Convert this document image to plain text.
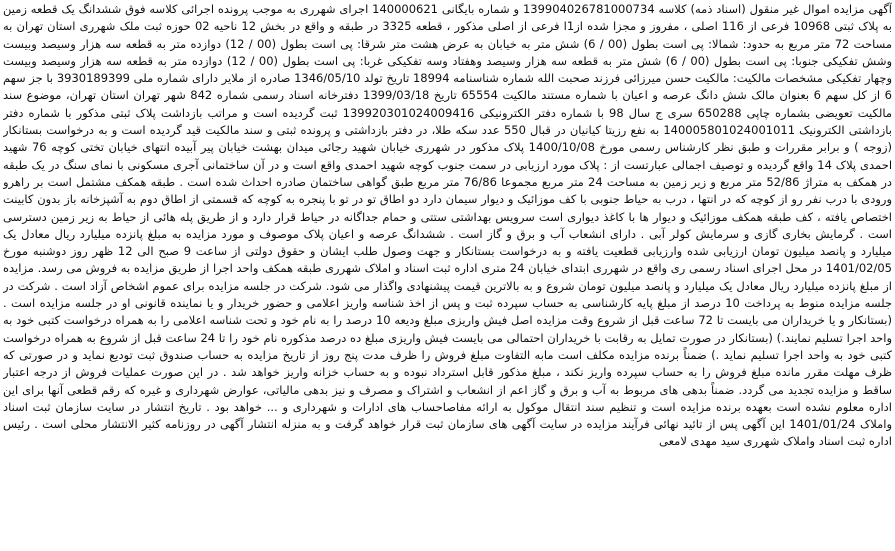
آگهی مزایده اموال غیر منقول (اسناد ذمه) کلاسه 139904026781000734 و شماره بایگانی 140000621 اجرای شهرری به موجب پرونده اجرائی کلاسه فوق ششدانگ یک قطعه زمین به پلاک ثبتی 10968 فرعی از 116 اصلی ، مفروز و مجزا شده از1ا فرعی از اصلی مذکور ، قطعه 3325 در طبقه و واقع در بخش 12 ناحیه 02 حوزه ثبت ملک شهرری استان تهران به مساحت 72 متر مربع به حدود: شمالا: پی است بطول (00 / 6) شش متر به خیابان به عرض هشت متر شرقا: پی است بطول (00 / 12) دوازده متر به قطعه سه هزار وسیصد وبیست وشش تفکیکی جنوبا: پی است بطول (00 / 6) شش متر به قطعه سه هزار وسیصد وهفتاد وسه تفکیکی غربا: پی است بطول (00 / 12) دوازده متر به قطعه سه هزار وسیصد وبیست وچهار تفکیکی مشخصات مالکیت: مالکیت حسن میرزائی فرزند صحبت الله شماره شناسنامه 18994 تاریخ تولد 1346/05/10 صادره از ملایر دارای شماره ملی 3930189399 با جز سهم 6 از کل سهم 6 بعنوان مالک شش دانگ عرصه و اعیان با شماره مستند مالکیت 65554 تاریخ 1399/03/18 دفترخانه اسناد رسمی شماره 842 شهر تهران استان تهران، موضوع سند مالکیت تعویضی بشماره چاپی 650288 سری ج سال 98 با شماره دفتر الکترونیکی 139920301024009416 ثبت گردیده است و مراتب بازداشت پلاک ثبتی مذکور با شماره دفتر بازداشتی الکترونیک 140005801024001011 به نفع رزیتا کیانیان در قبال 550 عدد سکه طلا، در دفتر بازداشتی و پرونده ثبتی و سند مالکیت قید گردیده است و به درخواست بستانکار (زوجه ) و برابر مقررات و طبق نظر کارشناس رسمی مورخ 1400/10/08 پلاک مذکور در شهرری خیابان شهید رجائی میدان بهشت خیابان پیر آبیده انتهای خیابان تختی کوچه 76 شهید احمدی پلاک 14 واقع گردیده و توصیف اجمالی عبارتست از : پلاک مورد ارزیابی در سمت جنوب کوچه شهید احمدی واقع است و در آن ساختمانی آجری مسکونی با نمای سنگ در یک طبقه در همکف به متراژ 52/86 متر مربع و زیر زمین به مساحت 24 متر مربع مجموعا 76/86 متر مربع طبق گواهی ساختمان صادره احداث شده است . طبقه همکف مشتمل است بر راهرو ورودی با درب نفر رو از کوچه که در انتها ، درب به حیاط جنوبی با کف موزائیک و دیوار سیمان دارد دو اطاق تو در تو با پنجره به کوچه که قسمتی از اطاق دوم به آشپزخانه باز بدون کابینت اختصاص یافته ، کف طبقه همکف موزائیک و دیوار ها با کاغذ دیواری است سرویس بهداشتی ستتی و حمام جداگانه در حیاط قرار دارد و از طریق پله هائی از حیاط به زیر زمین دسترسی است . گرمایش بخاری گازی و سرمایش کولر آبی . دارای انشعاب آب و برق و گاز است . ششدانگ عرصه و اعیان پلاک موصوف و مورد مزایده به مبلغ پانزده میلیارد ریال معادل یک میلیارد و پانصد میلیون تومان ارزیابی شده وارزیابی قطعیت یافته و به درخواست بستانکار و جهت وصول طلب ایشان و حقوق دولتی از ساعت 9 صبح الی 12 ظهر روز دوشنبه مورخ 1401/02/05 در محل اجرای اسناد رسمی ری واقع در شهرری ابتدای خیابان 24 متری اداره ثبت اسناد و املاک شهرری طبقه همکف واحد اجرا از طریق مزایده به فروش می رسد. مزایده از مبلغ پانزده میلیارد ریال معادل یک میلیارد و پانصد میلیون تومان شروع و به بالاترین قیمت پیشنهادی واگذار می شود. شرکت در جلسه مزایده برای عموم اشخاص آزاد است . شرکت در جلسه مزایده منوط به پرداخت 10 درصد از مبلغ پایه کارشناسی به حساب سپرده ثبت و پس از اخذ شناسه واریز اعلامی و حضور خریدار و یا نماینده قانونی او در جلسه مزایده است . (بستانکار و یا خریداران می بایست تا 72 ساعت قبل از شروع وقت مزایده اصل فیش واریزی مبلغ ودیعه 10 درصد را به نام خود و تحت شناسه اعلامی را به همراه درخواست کتبی خود به واحد اجرا تسلیم نمایند.) (بستانکار در صورت تمایل به رقابت با خریداران احتمالی می بایست فیش واریزی مبلغ ده درصد مذکوره نام خود را تا 24 ساعت قبل از شروع به همراه درخواست کتبی خود به واحد اجرا تسلیم نماید .) ضمناً برنده مزایده مکلف است مابه التفاوت مبلغ فروش را ظرف مدت پنج روز از تاریخ مزایده به حساب صندوق ثبت تودیع نماید و در صورتی که ظرف مهلت مقرر مانده مبلغ فروش را به حساب سپرده واریز نکند ، مبلغ مذکور قابل استرداد نبوده و به حساب خزانه واریز خواهد شد . در این صورت عملیات فروش از درجه اعتبار ساقط و مزایده تجدید می گردد. ضمناً بدهی های مربوط به آب و برق و گاز اعم از انشعاب و اشتراک و مصرف و نیز بدهی مالیاتی، عوارض شهرداری و غیره که رقم قطعی آنها برای این اداره معلوم نشده است بعهده برنده مزایده است و تنظیم سند انتقال موکول به ارائه مفاصاحساب های ادارات و شهرداری و ... خواهد بود . تاریخ انتشار در سایت سازمان ثبت اسناد واملاک 1401/01/24 این آگهی پس از تائید نهائی فرآیند مزایده در سایت آگهی های سازمان ثبت قرار خواهد گرفت و به منزله انتشار آگهی در روزنامه کثیر الانتشار محلی است . رئیس اداره ثبت اسناد واملاک شهرری سید مهدی لامعی
